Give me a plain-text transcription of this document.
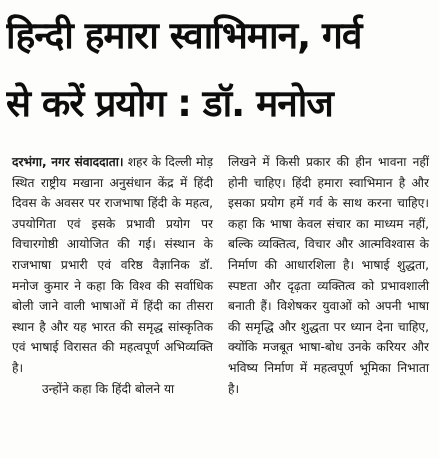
हिन्दी हमारा स्वाभिमान, गर्व
से करें प्रयोग : डॉ. मनोज

दरभंगा, नगर संवाददाता। शहर के दिल्ली मोड़ स्थित राष्ट्रीय मखाना अनुसंधान केंद्र में हिंदी दिवस के अवसर पर राजभाषा हिंदी के महत्व, उपयोगिता एवं इसके प्रभावी प्रयोग पर विचारगोष्ठी आयोजित की गई। संस्थान के राजभाषा प्रभारी एवं वरिष्ठ वैज्ञानिक डॉ. मनोज कुमार ने कहा कि विश्व की सर्वाधिक बोली जाने वाली भाषाओं में हिंदी का तीसरा स्थान है और यह भारत की समृद्ध सांस्कृतिक एवं भाषाई विरासत की महत्वपूर्ण अभिव्यक्ति है।

उन्होंने कहा कि हिंदी बोलने या

लिखने में किसी प्रकार की हीन भावना नहीं होनी चाहिए। हिंदी हमारा स्वाभिमान है और इसका प्रयोग हमें गर्व के साथ करना चाहिए। कहा कि भाषा केवल संचार का माध्यम नहीं, बल्कि व्यक्तित्व, विचार और आत्मविश्वास के निर्माण की आधारशिला है। भाषाई शुद्धता, स्पष्टता और दृढ़ता व्यक्तित्व को प्रभावशाली बनाती हैं। विशेषकर युवाओं को अपनी भाषा की समृद्धि और शुद्धता पर ध्यान देना चाहिए, क्योंकि मजबूत भाषा-बोध उनके करियर और भविष्य निर्माण में महत्वपूर्ण भूमिका निभाता है।
